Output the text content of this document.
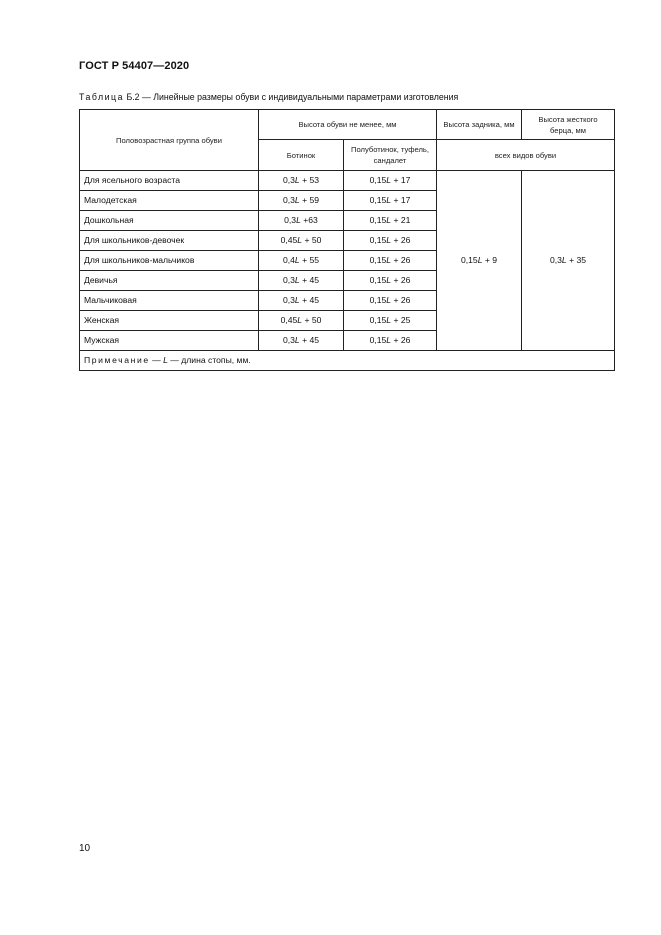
ГОСТ Р 54407—2020
Таблица Б.2 — Линейные размеры обуви с индивидуальными параметрами изготовления
Половозрастная группа обуви	Высота обуви не менее, мм		Высота задника, мм	Высота жесткого берца, мм
	Ботинок	Полуботинок, туфель, сандалет	всех видов обуви	
Для ясельного возраста	0,3L + 53	0,15L + 17	0,15L + 9	0,3L + 35
Малодетская	0,3L + 59	0,15L + 17		
Дошкольная	0,3L +63	0,15L + 21		
Для школьников-девочек	0,45L + 50	0,15L + 26		
Для школьников-мальчиков	0,4L + 55	0,15L + 26		
Девичья	0,3L + 45	0,15L + 26		
Мальчиковая	0,3L + 45	0,15L + 26		
Женская	0,45L + 50	0,15L + 25		
Мужская	0,3L + 45	0,15L + 26		
Примечание — L — длина стопы, мм.				
10
